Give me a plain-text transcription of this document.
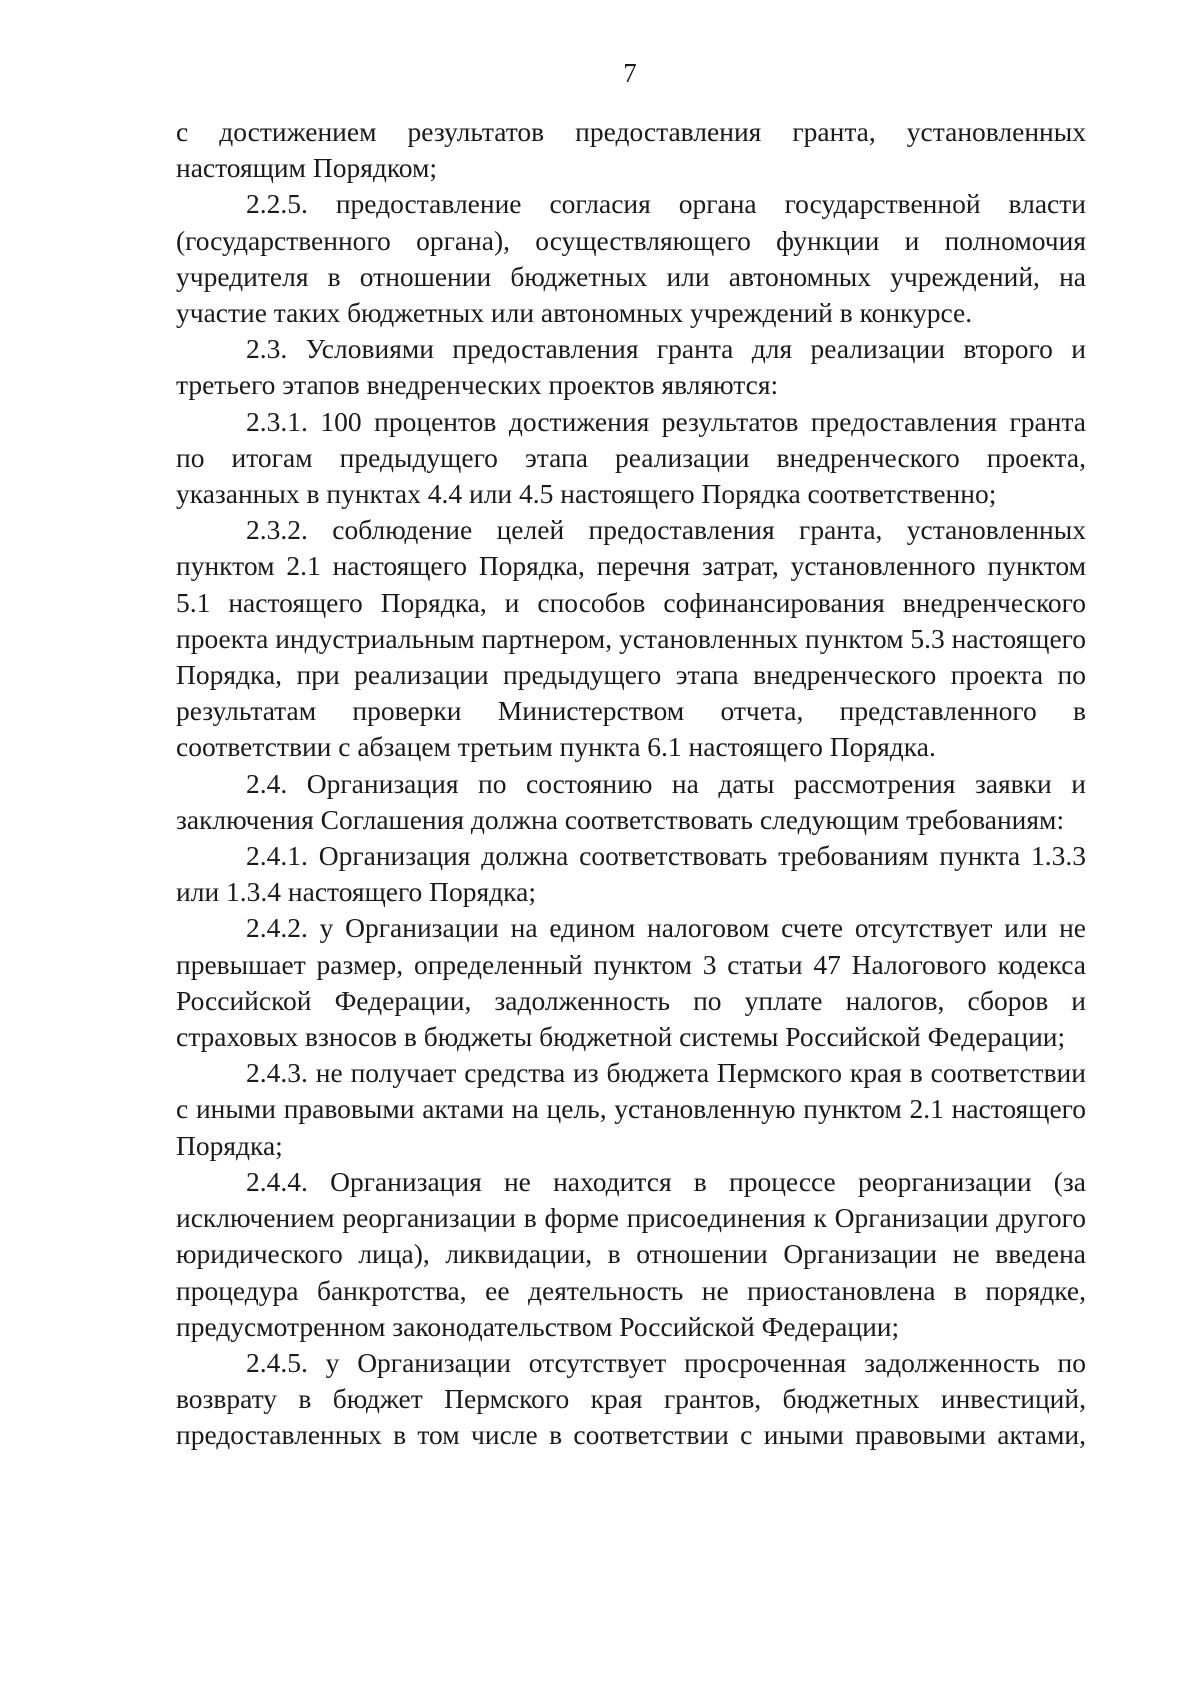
7

с достижением результатов предоставления гранта, установленных настоящим Порядком;

2.2.5. предоставление согласия органа государственной власти (государственного органа), осуществляющего функции и полномочия учредителя в отношении бюджетных или автономных учреждений, на участие таких бюджетных или автономных учреждений в конкурсе.

2.3. Условиями предоставления гранта для реализации второго и третьего этапов внедренческих проектов являются:

2.3.1. 100 процентов достижения результатов предоставления гранта по итогам предыдущего этапа реализации внедренческого проекта, указанных в пунктах 4.4 или 4.5 настоящего Порядка соответственно;

2.3.2. соблюдение целей предоставления гранта, установленных пунктом 2.1 настоящего Порядка, перечня затрат, установленного пунктом 5.1 настоящего Порядка, и способов софинансирования внедренческого проекта индустриальным партнером, установленных пунктом 5.3 настоящего Порядка, при реализации предыдущего этапа внедренческого проекта по результатам проверки Министерством отчета, представленного в соответствии с абзацем третьим пункта 6.1 настоящего Порядка.

2.4. Организация по состоянию на даты рассмотрения заявки и заключения Соглашения должна соответствовать следующим требованиям:

2.4.1. Организация должна соответствовать требованиям пункта 1.3.3 или 1.3.4 настоящего Порядка;

2.4.2. у Организации на едином налоговом счете отсутствует или не превышает размер, определенный пунктом 3 статьи 47 Налогового кодекса Российской Федерации, задолженность по уплате налогов, сборов и страховых взносов в бюджеты бюджетной системы Российской Федерации;

2.4.3. не получает средства из бюджета Пермского края в соответствии с иными правовыми актами на цель, установленную пунктом 2.1 настоящего Порядка;

2.4.4. Организация не находится в процессе реорганизации (за исключением реорганизации в форме присоединения к Организации другого юридического лица), ликвидации, в отношении Организации не введена процедура банкротства, ее деятельность не приостановлена в порядке, предусмотренном законодательством Российской Федерации;

2.4.5. у Организации отсутствует просроченная задолженность по возврату в бюджет Пермского края грантов, бюджетных инвестиций, предоставленных в том числе в соответствии с иными правовыми актами,
